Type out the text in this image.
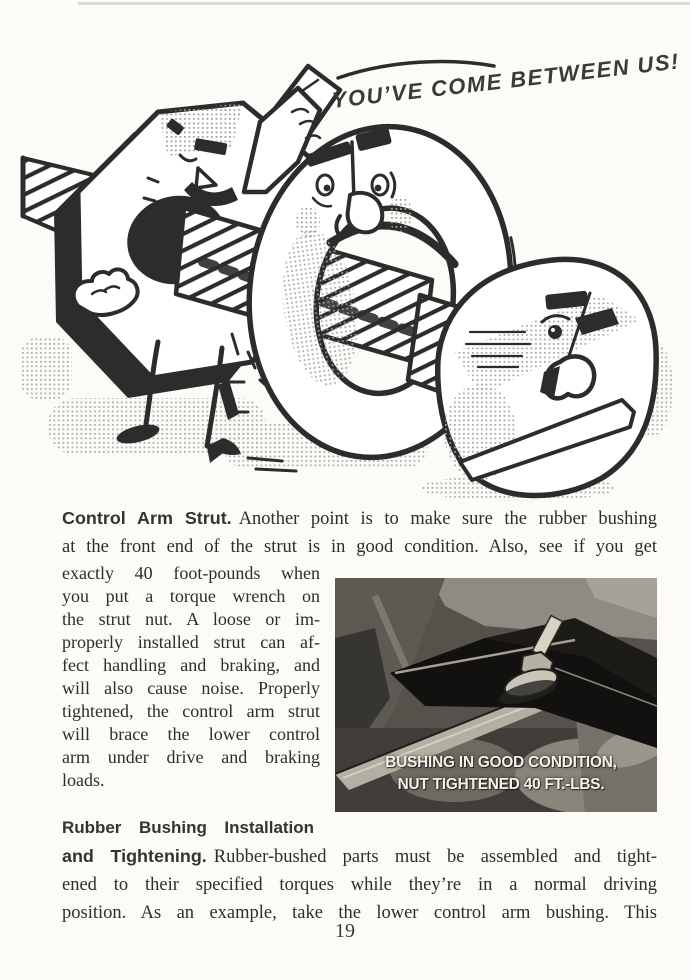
YOU’VE COME BETWEEN US!
Control Arm Strut. Another point is to make sure the rubber bushing
at the front end of the strut is in good condition. Also, see if you get
exactly 40 foot-pounds when
you put a torque wrench on
the strut nut. A loose or im-
properly installed strut can af-
fect handling and braking, and
will also cause noise. Properly
tightened, the control arm strut
will brace the lower control
arm under drive and braking
loads.
BUSHING IN GOOD CONDITION,
NUT TIGHTENED 40 FT.-LBS.
Rubber Bushing Installation
and Tightening. Rubber-bushed parts must be assembled and tight-
ened to their specified torques while they’re in a normal driving
position. As an example, take the lower control arm bushing. This
19
